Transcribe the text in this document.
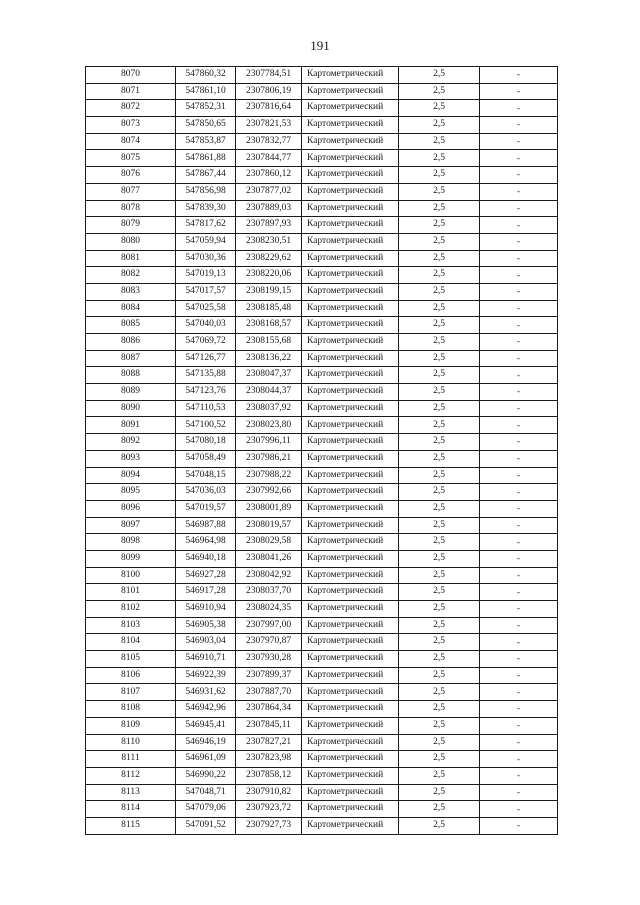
191
8070	547860,32	2307784,51	Картометрический	2,5	-
8071	547861,10	2307806,19	Картометрический	2,5	-
8072	547852,31	2307816,64	Картометрический	2,5	-
8073	547850,65	2307821,53	Картометрический	2,5	-
8074	547853,87	2307832,77	Картометрический	2,5	-
8075	547861,88	2307844,77	Картометрический	2,5	-
8076	547867,44	2307860,12	Картометрический	2,5	-
8077	547856,98	2307877,02	Картометрический	2,5	-
8078	547839,30	2307889,03	Картометрический	2,5	-
8079	547817,62	2307897,93	Картометрический	2,5	-
8080	547059,94	2308230,51	Картометрический	2,5	-
8081	547030,36	2308229,62	Картометрический	2,5	-
8082	547019,13	2308220,06	Картометрический	2,5	-
8083	547017,57	2308199,15	Картометрический	2,5	-
8084	547025,58	2308185,48	Картометрический	2,5	-
8085	547040,03	2308168,57	Картометрический	2,5	-
8086	547069,72	2308155,68	Картометрический	2,5	-
8087	547126,77	2308136,22	Картометрический	2,5	-
8088	547135,88	2308047,37	Картометрический	2,5	-
8089	547123,76	2308044,37	Картометрический	2,5	-
8090	547110,53	2308037,92	Картометрический	2,5	-
8091	547100,52	2308023,80	Картометрический	2,5	-
8092	547080,18	2307996,11	Картометрический	2,5	-
8093	547058,49	2307986,21	Картометрический	2,5	-
8094	547048,15	2307988,22	Картометрический	2,5	-
8095	547036,03	2307992,66	Картометрический	2,5	-
8096	547019,57	2308001,89	Картометрический	2,5	-
8097	546987,88	2308019,57	Картометрический	2,5	-
8098	546964,98	2308029,58	Картометрический	2,5	-
8099	546940,18	2308041,26	Картометрический	2,5	-
8100	546927,28	2308042,92	Картометрический	2,5	-
8101	546917,28	2308037,70	Картометрический	2,5	-
8102	546910,94	2308024,35	Картометрический	2,5	-
8103	546905,38	2307997,00	Картометрический	2,5	-
8104	546903,04	2307970,87	Картометрический	2,5	-
8105	546910,71	2307930,28	Картометрический	2,5	-
8106	546922,39	2307899,37	Картометрический	2,5	-
8107	546931,62	2307887,70	Картометрический	2,5	-
8108	546942,96	2307864,34	Картометрический	2,5	-
8109	546945,41	2307845,11	Картометрический	2,5	-
8110	546946,19	2307827,21	Картометрический	2,5	-
8111	546961,09	2307823,98	Картометрический	2,5	-
8112	546990,22	2307858,12	Картометрический	2,5	-
8113	547048,71	2307910,82	Картометрический	2,5	-
8114	547079,06	2307923,72	Картометрический	2,5	-
8115	547091,52	2307927,73	Картометрический	2,5	-
